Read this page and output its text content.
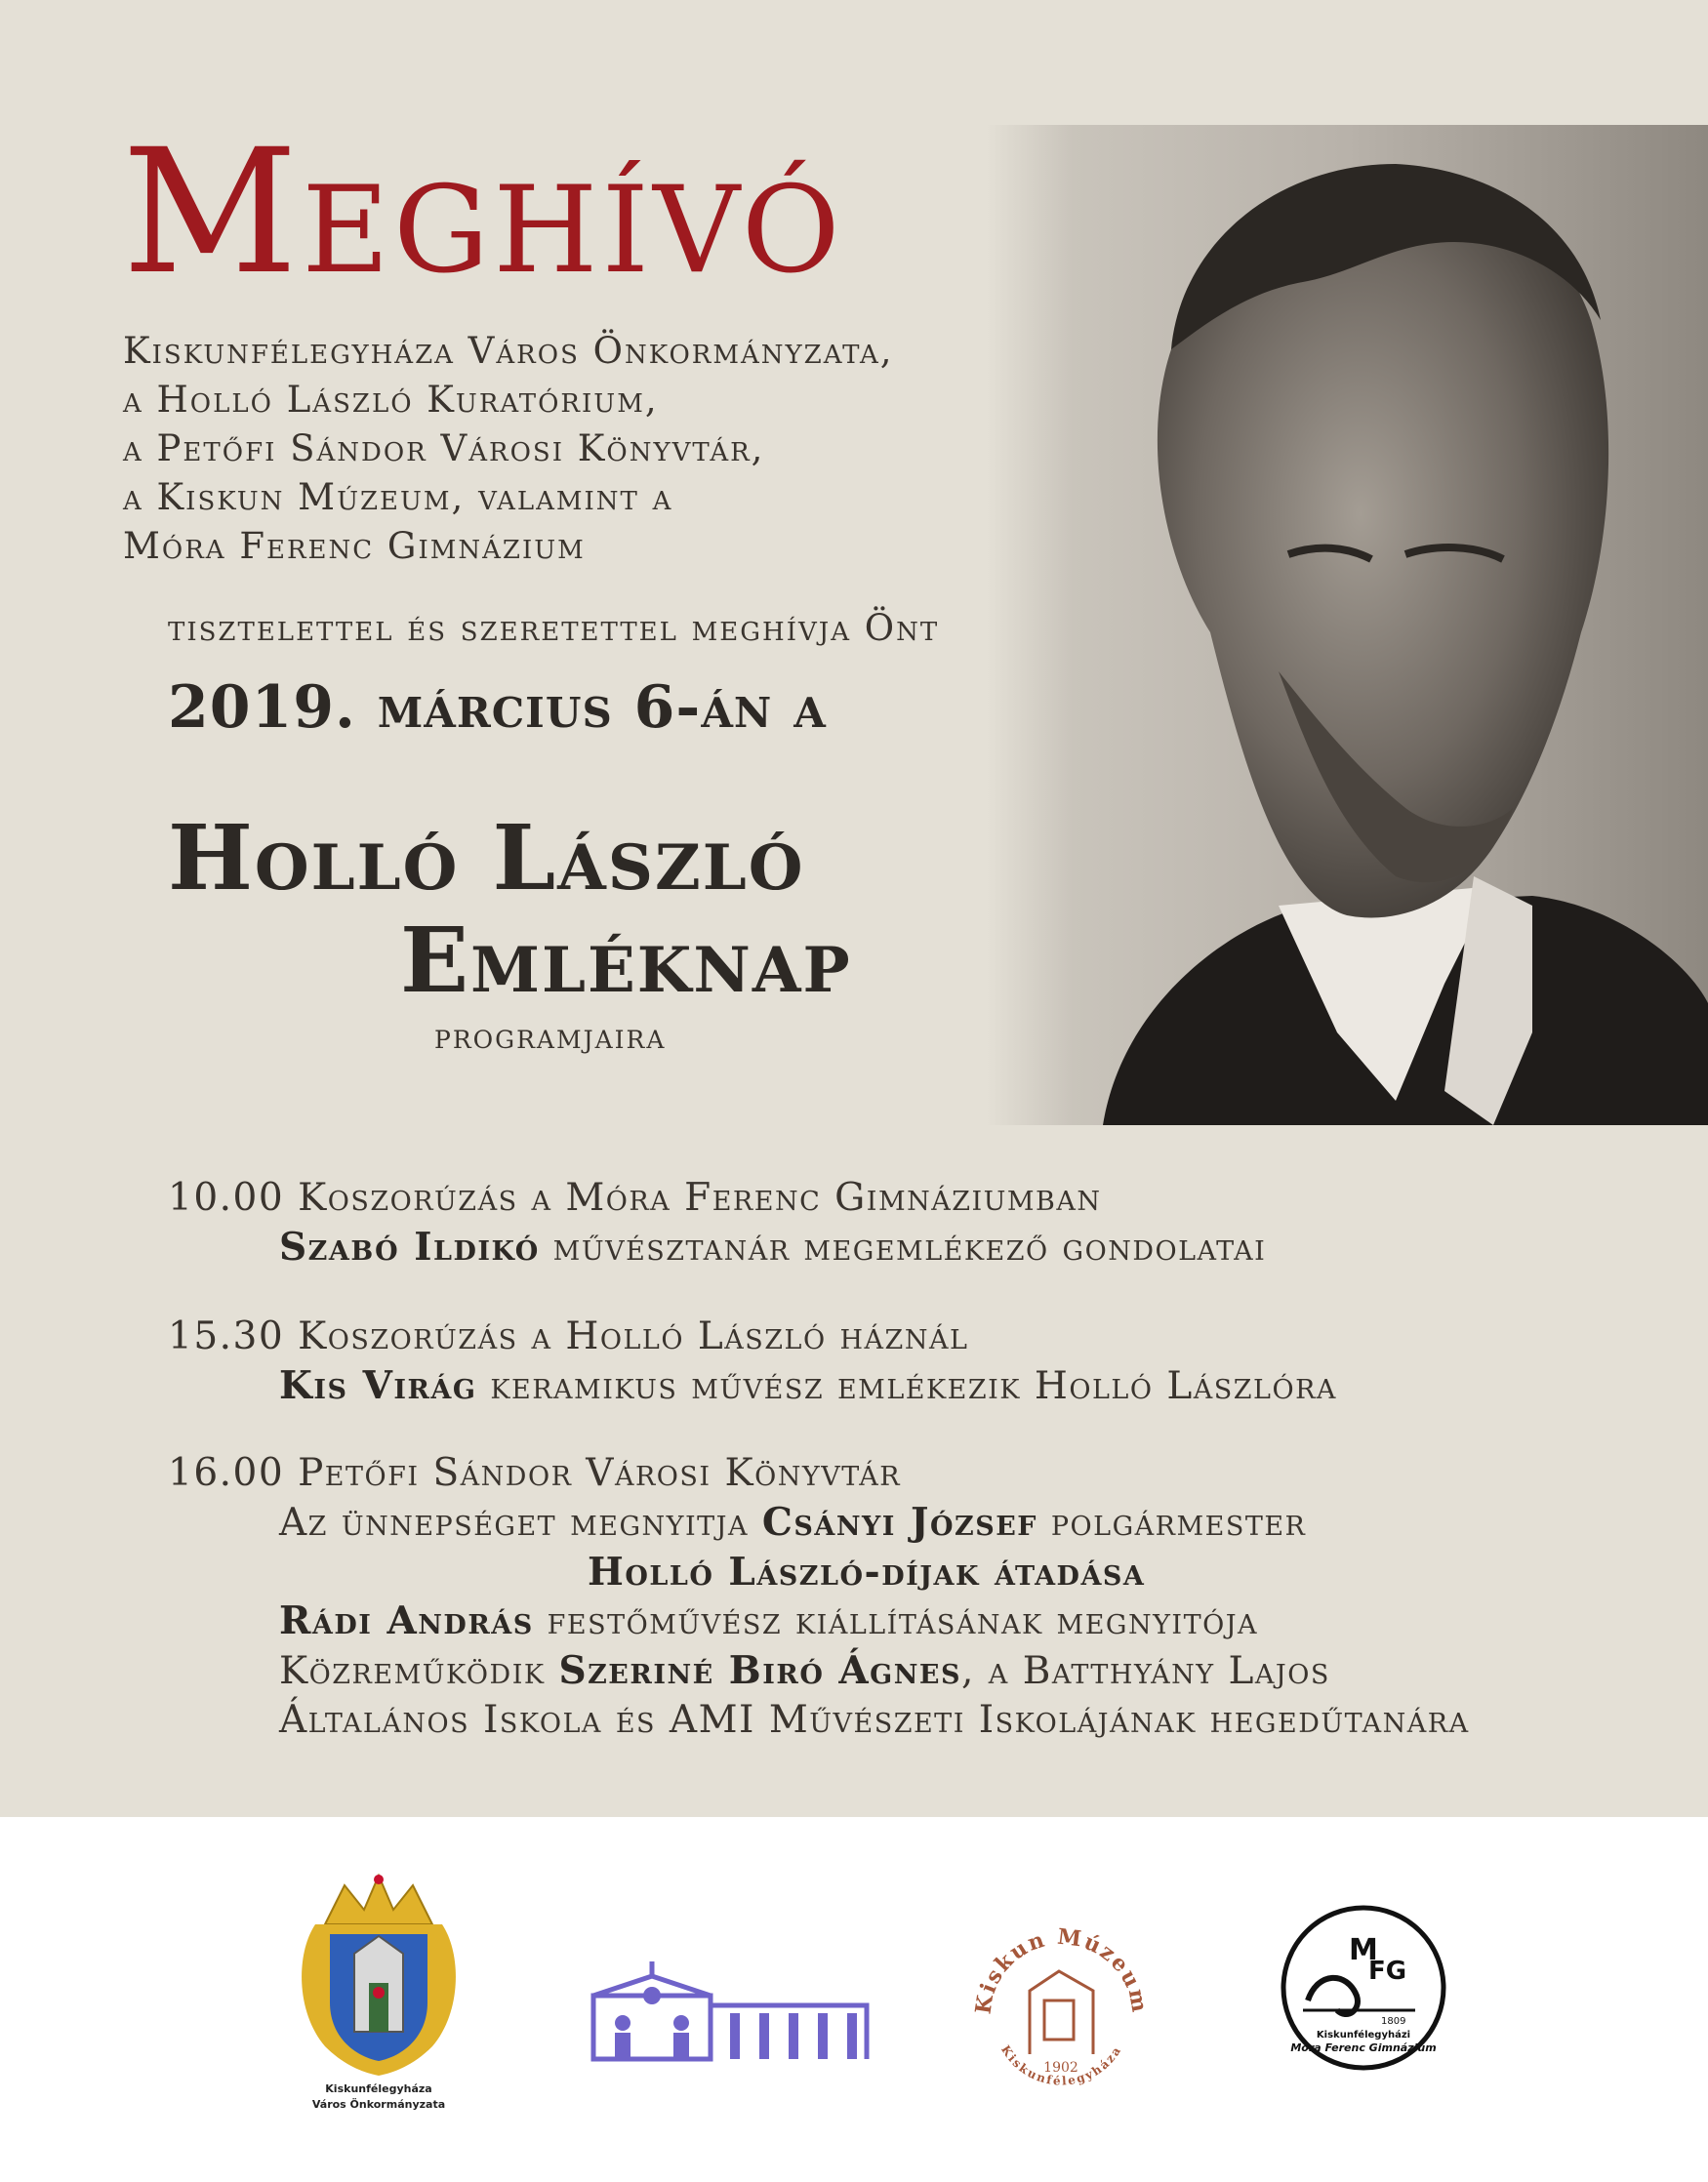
Meghívó
Kiskunfélegyháza Város Önkormányzata,
a Holló László Kuratórium,
a Petőfi Sándor Városi Könyvtár,
a Kiskun Múzeum, valamint a
Móra Ferenc Gimnázium
tisztelettel és szeretettel meghívja Önt
2019. március 6-án a
Holló László
Emléknap
programjaira
10.00 Koszorúzás a Móra Ferenc Gimnáziumban
Szabó Ildikó művésztanár megemlékező gondolatai
15.30 Koszorúzás a Holló László háznál
Kis Virág keramikus művész emlékezik Holló Lászlóra
16.00 Petőfi Sándor Városi Könyvtár
Az ünnepséget megnyitja Csányi József polgármester
Holló László-díjak átadása
Rádi András festőművész kiállításának megnyitója
Közreműködik Szeriné Biró Ágnes, a Batthyány Lajos
Általános Iskola és AMI Művészeti Iskolájának hegedűtanára
Kiskunfélegyháza
Város Önkormányzata
Kiskun Múzeum
Kiskunfélegyháza
1902
M
FG
1809
Kiskunfélegyházi
Móra Ferenc Gimnázium
